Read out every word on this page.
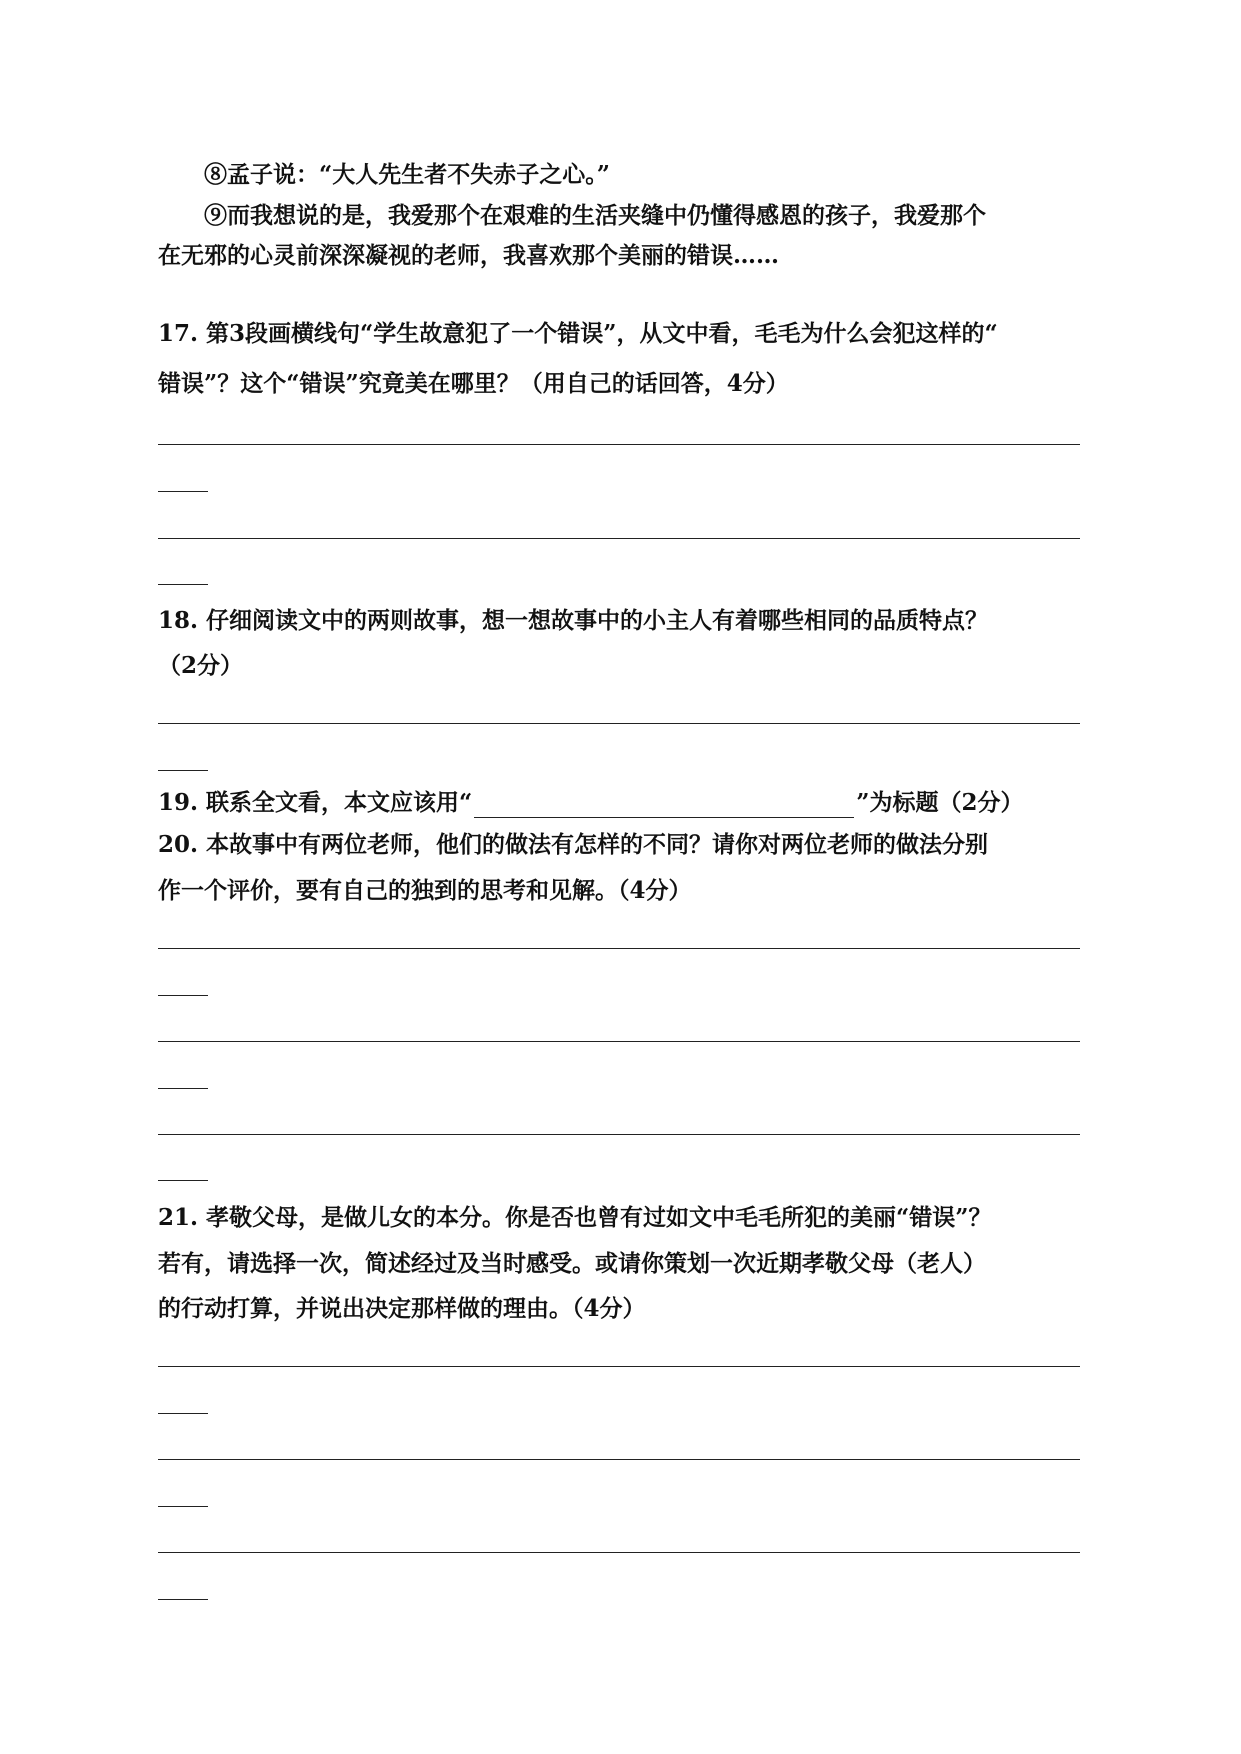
⑧孟子说：“大人先生者不失赤子之心。”
⑨而我想说的是，我爱那个在艰难的生活夹缝中仍懂得感恩的孩子，我爱那个
在无邪的心灵前深深凝视的老师，我喜欢那个美丽的错误……
17. 第3段画横线句“学生故意犯了一个错误”，从文中看，毛毛为什么会犯这样的“
错误”？这个“错误”究竟美在哪里？（用自己的话回答，4分）
18. 仔细阅读文中的两则故事，想一想故事中的小主人有着哪些相同的品质特点？
（2分）
19. 联系全文看，本文应该用“	”为标题（2分）
20. 本故事中有两位老师，他们的做法有怎样的不同？请你对两位老师的做法分别
作一个评价，要有自己的独到的思考和见解。（4分）
21. 孝敬父母，是做儿女的本分。你是否也曾有过如文中毛毛所犯的美丽“错误”？
若有，请选择一次，简述经过及当时感受。或请你策划一次近期孝敬父母（老人）
的行动打算，并说出决定那样做的理由。（4分）
